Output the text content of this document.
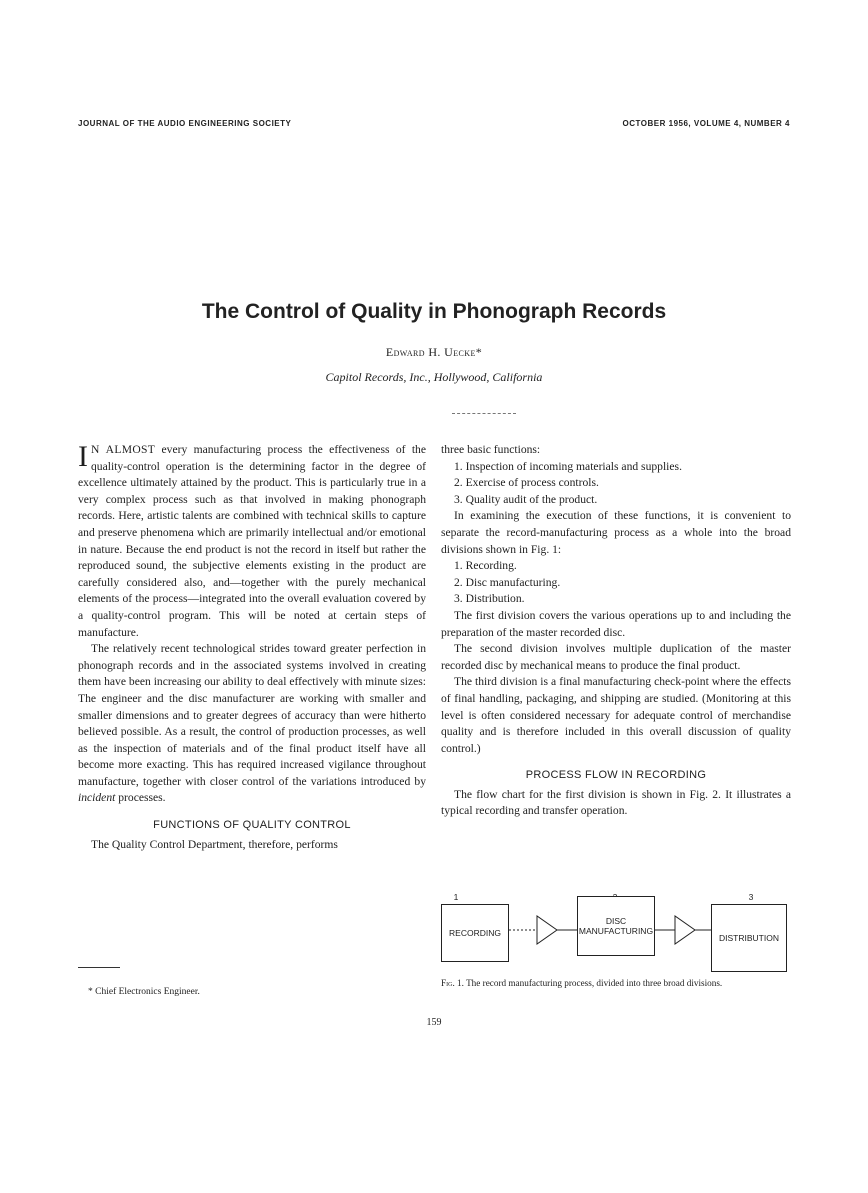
JOURNAL OF THE AUDIO ENGINEERING SOCIETY	OCTOBER 1956, VOLUME 4, NUMBER 4
The Control of Quality in Phonograph Records
Edward H. Uecke*
Capitol Records, Inc., Hollywood, California

I N ALMOST every manufacturing process the effectiveness of the quality-control operation is the determining factor in the degree of excellence ultimately attained by the product. This is particularly true in a very complex process such as that involved in making phonograph records. Here, artistic talents are combined with technical skills to capture and preserve phenomena which are primarily intellectual and/or emotional in nature. Because the end product is not the record in itself but rather the reproduced sound, the subjective elements existing in the product are carefully considered also, and—together with the purely mechanical elements of the process—integrated into the overall evaluation covered by a quality-control program. This will be noted at certain steps of manufacture.

The relatively recent technological strides toward greater perfection in phonograph records and in the associated systems involved in creating them have been increasing our ability to deal effectively with minute sizes: The engineer and the disc manufacturer are working with smaller and smaller dimensions and to greater degrees of accuracy than were hitherto believed possible. As a result, the control of production processes, as well as the inspection of materials and of the final product itself have all become more exacting. This has required increased vigilance throughout manufacture, together with closer control of the variations introduced by incident processes.

FUNCTIONS OF QUALITY CONTROL

The Quality Control Department, therefore, performs

three basic functions:

1. Inspection of incoming materials and supplies.

2. Exercise of process controls.

3. Quality audit of the product.

In examining the execution of these functions, it is convenient to separate the record-manufacturing process as a whole into the broad divisions shown in Fig. 1:

1. Recording.

2. Disc manufacturing.

3. Distribution.

The first division covers the various operations up to and including the preparation of the master recorded disc.

The second division involves multiple duplication of the master recorded disc by mechanical means to produce the final product.

The third division is a final manufacturing check-point where the effects of final handling, packaging, and shipping are studied. (Monitoring at this level is often considered necessary for adequate control of merchandise quality and is therefore included in this overall discussion of quality control.)

PROCESS FLOW IN RECORDING

The flow chart for the first division is shown in Fig. 2. It illustrates a typical recording and transfer operation.

1
RECORDING
DISC
MANUFACTURING
3
DISTRIBUTION
Fig. 1. The record manufacturing process, divided into three broad divisions.
* Chief Electronics Engineer.
159
